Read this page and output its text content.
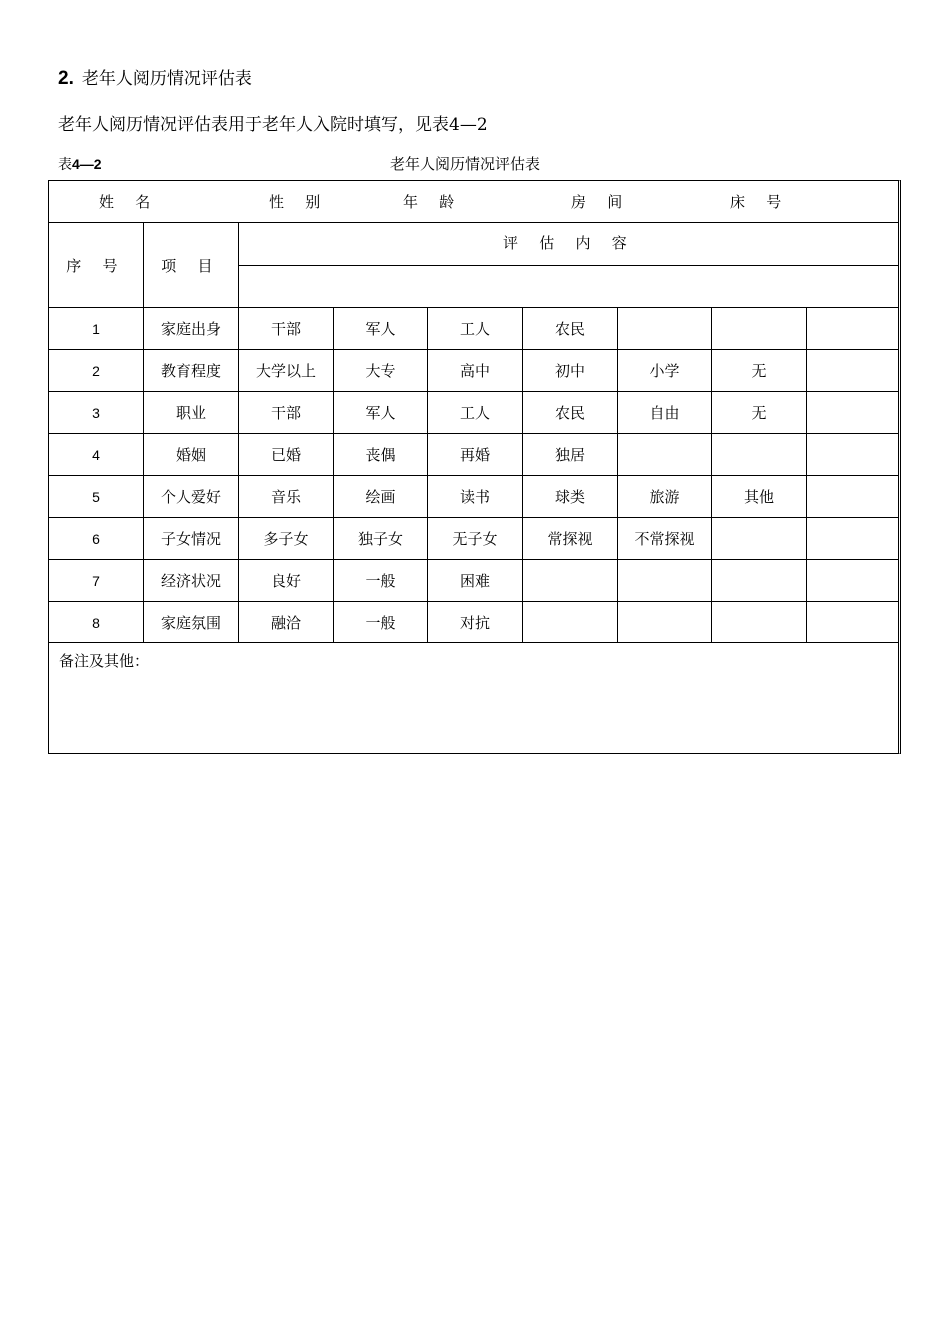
2. 老年人阅历情况评估表
老年人阅历情况评估表用于老年人入院时填写，见表4—2
表4—2	老年人阅历情况评估表
姓 名	性 别	年 龄	房 间	床 号
序 号	项 目
评 估 内 容
1	家庭出身	干部	军人	工人	农民
2	教育程度	大学以上	大专	高中	初中	小学	无
3	职业	干部	军人	工人	农民	自由	无
4	婚姻	已婚	丧偶	再婚	独居
5	个人爱好	音乐	绘画	读书	球类	旅游	其他
6	子女情况	多子女	独子女	无子女	常探视	不常探视
7	经济状况	良好	一般	困难
8	家庭氛围	融洽	一般	对抗
备注及其他：
